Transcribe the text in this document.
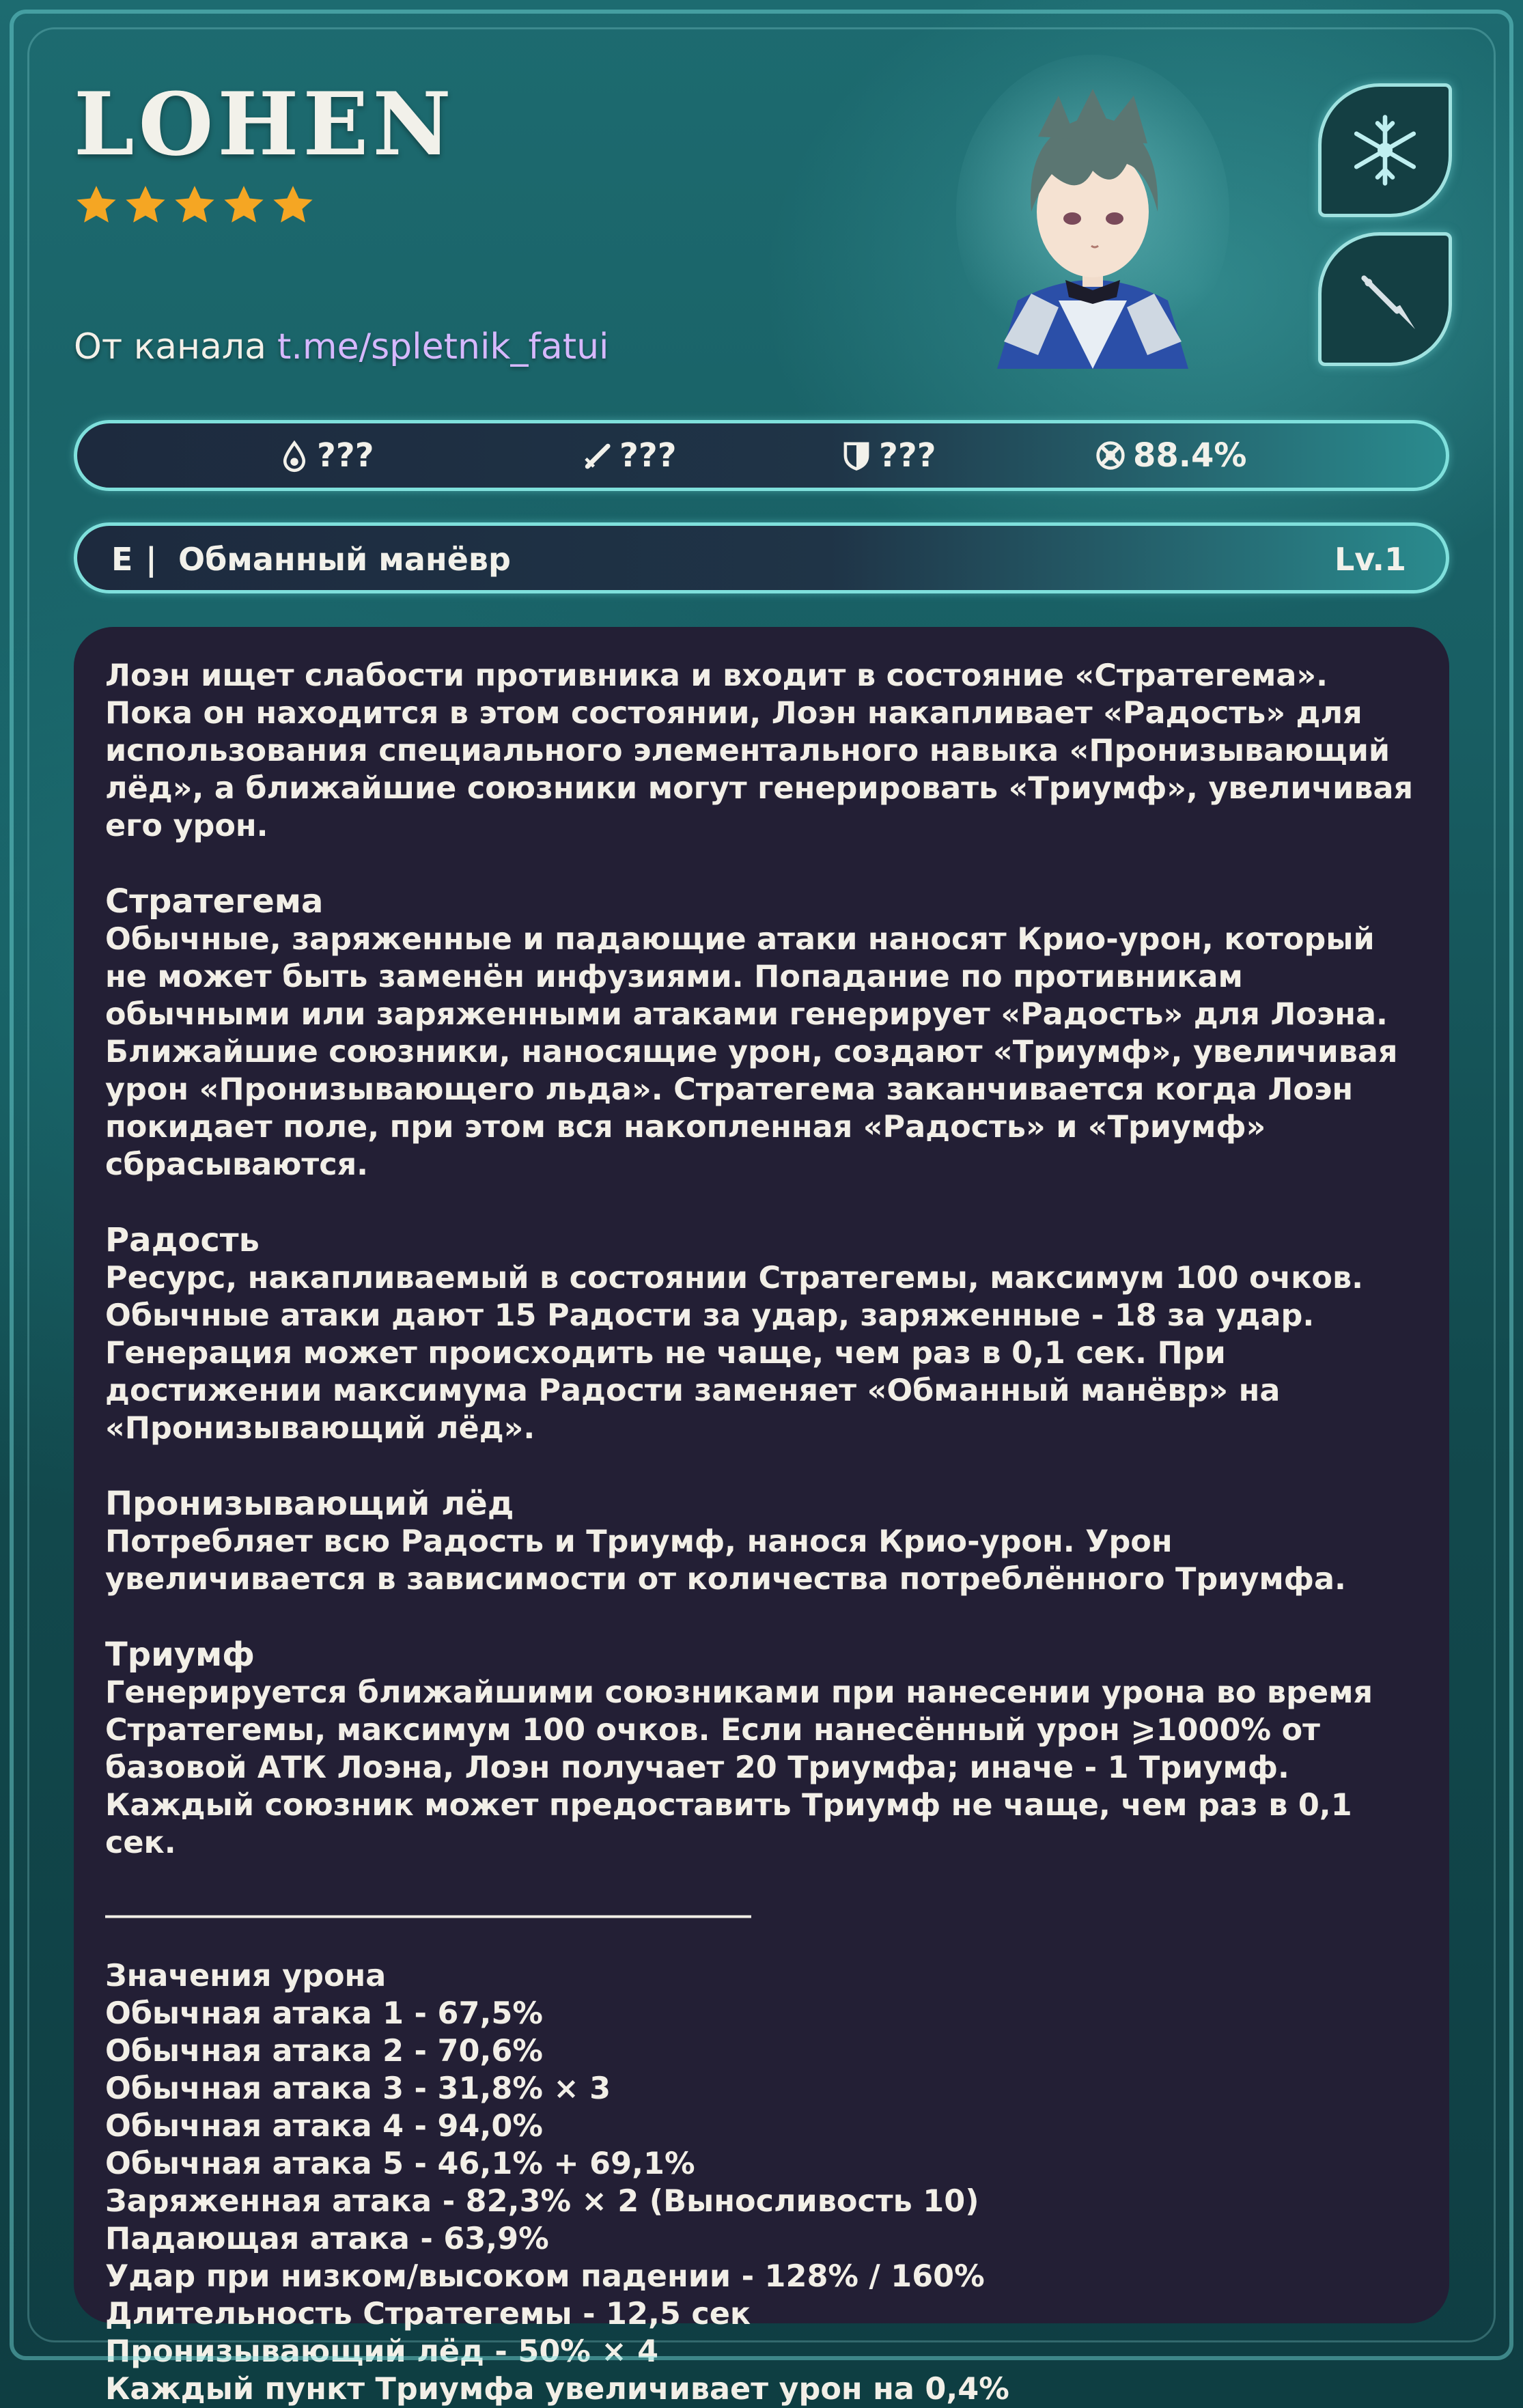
LOHEN
От канала t.me/spletnik_fatui
???	???	???	88.4%
E | Обманный манёвр	Lv.1

Лоэн ищет слабости противника и входит в состояние «Стратегема». Пока он находится в этом состоянии, Лоэн накапливает «Радость» для использования специального элементального навыка «Пронизывающий лёд», а ближайшие союзники могут генерировать «Триумф», увеличивая его урон.

Стратегема

Обычные, заряженные и падающие атаки наносят Крио-урон, который не может быть заменён инфузиями. Попадание по противникам обычными или заряженными атаками генерирует «Радость» для Лоэна. Ближайшие союзники, наносящие урон, создают «Триумф», увеличивая урон «Пронизывающего льда». Стратегема заканчивается когда Лоэн покидает поле, при этом вся накопленная «Радость» и «Триумф» сбрасываются.

Радость

Ресурс, накапливаемый в состоянии Стратегемы, максимум 100 очков. Обычные атаки дают 15 Радости за удар, заряженные - 18 за удар. Генерация может происходить не чаще, чем раз в 0,1 сек. При достижении максимума Радости заменяет «Обманный манёвр» на «Пронизывающий лёд».

Пронизывающий лёд

Потребляет всю Радость и Триумф, нанося Крио-урон. Урон увеличивается в зависимости от количества потреблённого Триумфа.

Триумф

Генерируется ближайшими союзниками при нанесении урона во время Стратегемы, максимум 100 очков. Если нанесённый урон ⩾1000% от базовой АТК Лоэна, Лоэн получает 20 Триумфа; иначе - 1 Триумф. Каждый союзник может предоставить Триумф не чаще, чем раз в 0,1 сек.

_____________________________________________

Значения урона

Обычная атака 1 - 67,5%

Обычная атака 2 - 70,6%

Обычная атака 3 - 31,8% × 3

Обычная атака 4 - 94,0%

Обычная атака 5 - 46,1% + 69,1%

Заряженная атака - 82,3% × 2 (Выносливость 10)

Падающая атака - 63,9%

Удар при низком/высоком падении - 128% / 160%

Длительность Стратегемы - 12,5 сек

Пронизывающий лёд - 50% × 4

Каждый пункт Триумфа увеличивает урон на 0,4%
